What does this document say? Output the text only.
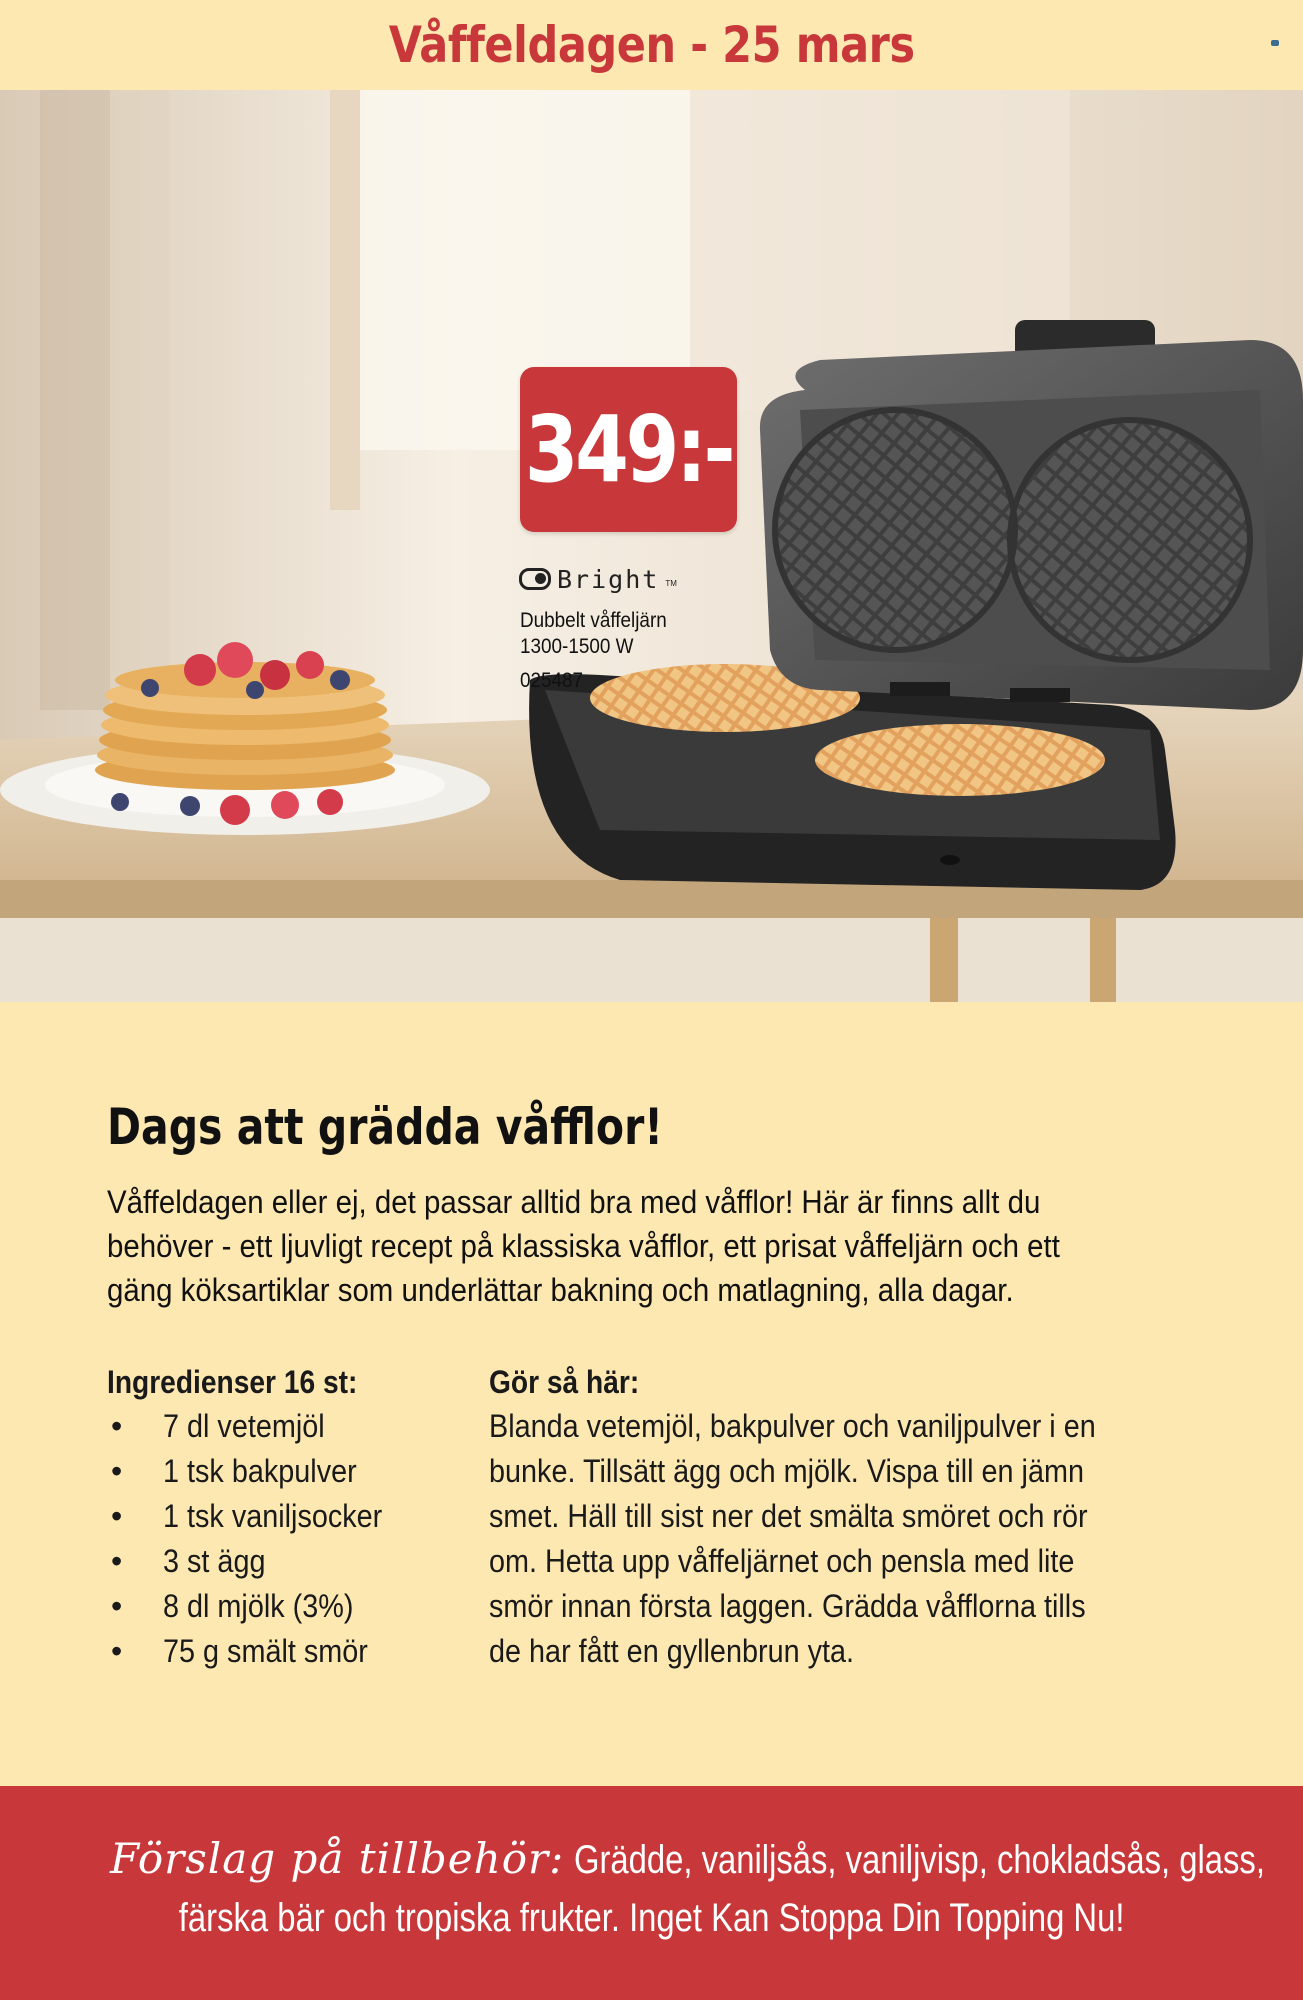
Våffeldagen - 25 mars
349:-
Bright TM
Dubbelt våffeljärn
1300-1500 W
025487
Dags att grädda våfflor!

Våffeldagen eller ej, det passar alltid bra med våfflor! Här är finns allt du

behöver - ett ljuvligt recept på klassiska våfflor, ett prisat våffeljärn och ett

gäng köksartiklar som underlättar bakning och matlagning, alla dagar.

Ingredienser 16 st:
• 7 dl vetemjöl
• 1 tsk bakpulver
• 1 tsk vaniljsocker
• 3 st ägg
• 8 dl mjölk (3%)
• 75 g smält smör
Gör så här:

Blanda vetemjöl, bakpulver och vaniljpulver i en

bunke. Tillsätt ägg och mjölk. Vispa till en jämn

smet. Häll till sist ner det smälta smöret och rör

om. Hetta upp våffeljärnet och pensla med lite

smör innan första laggen. Grädda våfflorna tills

de har fått en gyllenbrun yta.

Förslag på tillbehör: Grädde, vaniljsås, vaniljvisp, chokladsås, glass,
färska bär och tropiska frukter. Inget Kan Stoppa Din Topping Nu!
